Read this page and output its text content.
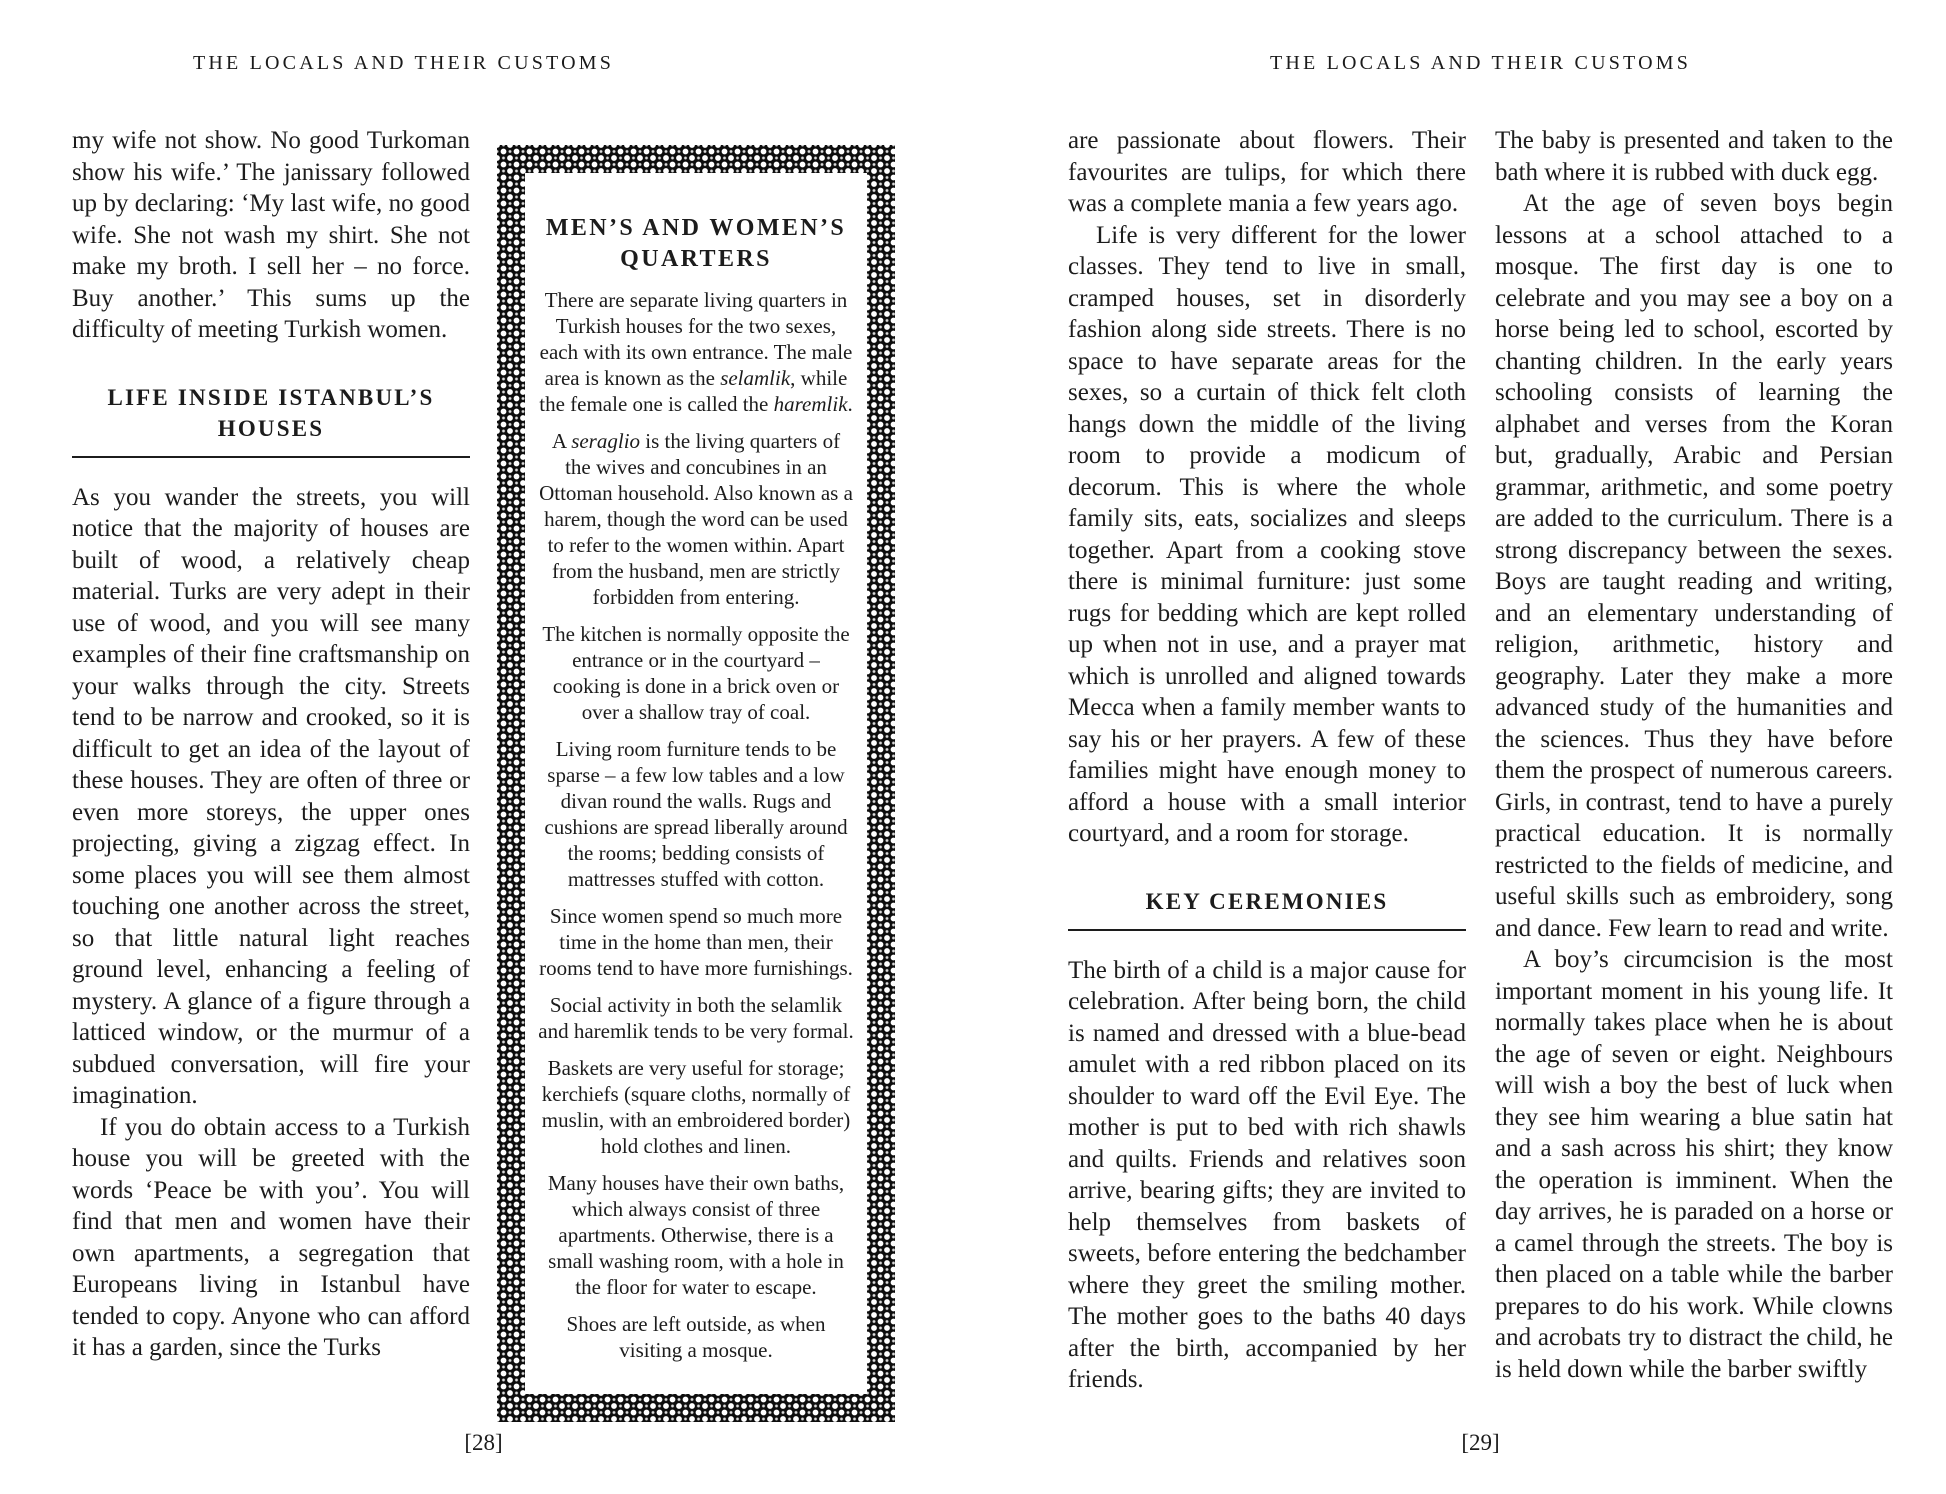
THE LOCALS AND THEIR CUSTOMS

my wife not show. No good Turkoman show his wife.’ The janissary followed up by declaring: ‘My last wife, no good wife. She not wash my shirt. She not make my broth. I sell her – no force. Buy another.’ This sums up the difficulty of meeting Turkish women.

LIFE INSIDE ISTANBUL’S HOUSES

As you wander the streets, you will notice that the majority of houses are built of wood, a relatively cheap material. Turks are very adept in their use of wood, and you will see many examples of their fine craftsmanship on your walks through the city. Streets tend to be narrow and crooked, so it is difficult to get an idea of the layout of these houses. They are often of three or even more storeys, the upper ones projecting, giving a zigzag effect. In some places you will see them almost touching one another across the street, so that little natural light reaches ground level, enhancing a feeling of mystery. A glance of a figure through a latticed window, or the murmur of a subdued conversation, will fire your imagination.

If you do obtain access to a Turkish house you will be greeted with the words ‘Peace be with you’. You will find that men and women have their own apartments, a segregation that Europeans living in Istanbul have tended to copy. Anyone who can afford it has a garden, since the Turks

MEN’S AND WOMEN’S QUARTERS

There are separate living quarters in Turkish houses for the two sexes, each with its own entrance. The male area is known as the selamlik, while the female one is called the haremlik.

A seraglio is the living quarters of the wives and concubines in an Ottoman household. Also known as a harem, though the word can be used to refer to the women within. Apart from the husband, men are strictly forbidden from entering.

The kitchen is normally opposite the entrance or in the courtyard – cooking is done in a brick oven or over a shallow tray of coal.

Living room furniture tends to be sparse – a few low tables and a low divan round the walls. Rugs and cushions are spread liberally around the rooms; bedding consists of mattresses stuffed with cotton.

Since women spend so much more time in the home than men, their rooms tend to have more furnishings.

Social activity in both the selamlik and haremlik tends to be very formal.

Baskets are very useful for storage; kerchiefs (square cloths, normally of muslin, with an embroidered border) hold clothes and linen.

Many houses have their own baths, which always consist of three apartments. Otherwise, there is a small washing room, with a hole in the floor for water to escape.

Shoes are left outside, as when visiting a mosque.

[28]
THE LOCALS AND THEIR CUSTOMS

are passionate about flowers. Their favourites are tulips, for which there was a complete mania a few years ago.

Life is very different for the lower classes. They tend to live in small, cramped houses, set in disorderly fashion along side streets. There is no space to have separate areas for the sexes, so a curtain of thick felt cloth hangs down the middle of the living room to provide a modicum of decorum. This is where the whole family sits, eats, socializes and sleeps together. Apart from a cooking stove there is minimal furniture: just some rugs for bedding which are kept rolled up when not in use, and a prayer mat which is unrolled and aligned towards Mecca when a family member wants to say his or her prayers. A few of these families might have enough money to afford a house with a small interior courtyard, and a room for storage.

KEY CEREMONIES

The birth of a child is a major cause for celebration. After being born, the child is named and dressed with a blue-bead amulet with a red ribbon placed on its shoulder to ward off the Evil Eye. The mother is put to bed with rich shawls and quilts. Friends and relatives soon arrive, bearing gifts; they are invited to help themselves from baskets of sweets, before entering the bedchamber where they greet the smiling mother. The mother goes to the baths 40 days after the birth, accompanied by her friends.

The baby is presented and taken to the bath where it is rubbed with duck egg.

At the age of seven boys begin lessons at a school attached to a mosque. The first day is one to celebrate and you may see a boy on a horse being led to school, escorted by chanting children. In the early years schooling consists of learning the alphabet and verses from the Koran but, gradually, Arabic and Persian grammar, arithmetic, and some poetry are added to the curriculum. There is a strong discrepancy between the sexes. Boys are taught reading and writing, and an elementary understanding of religion, arithmetic, history and geography. Later they make a more advanced study of the humanities and the sciences. Thus they have before them the prospect of numerous careers. Girls, in contrast, tend to have a purely practical education. It is normally restricted to the fields of medicine, and useful skills such as embroidery, song and dance. Few learn to read and write.

A boy’s circumcision is the most important moment in his young life. It normally takes place when he is about the age of seven or eight. Neighbours will wish a boy the best of luck when they see him wearing a blue satin hat and a sash across his shirt; they know the operation is imminent. When the day arrives, he is paraded on a horse or a camel through the streets. The boy is then placed on a table while the barber prepares to do his work. While clowns and acrobats try to distract the child, he is held down while the barber swiftly

[29]
